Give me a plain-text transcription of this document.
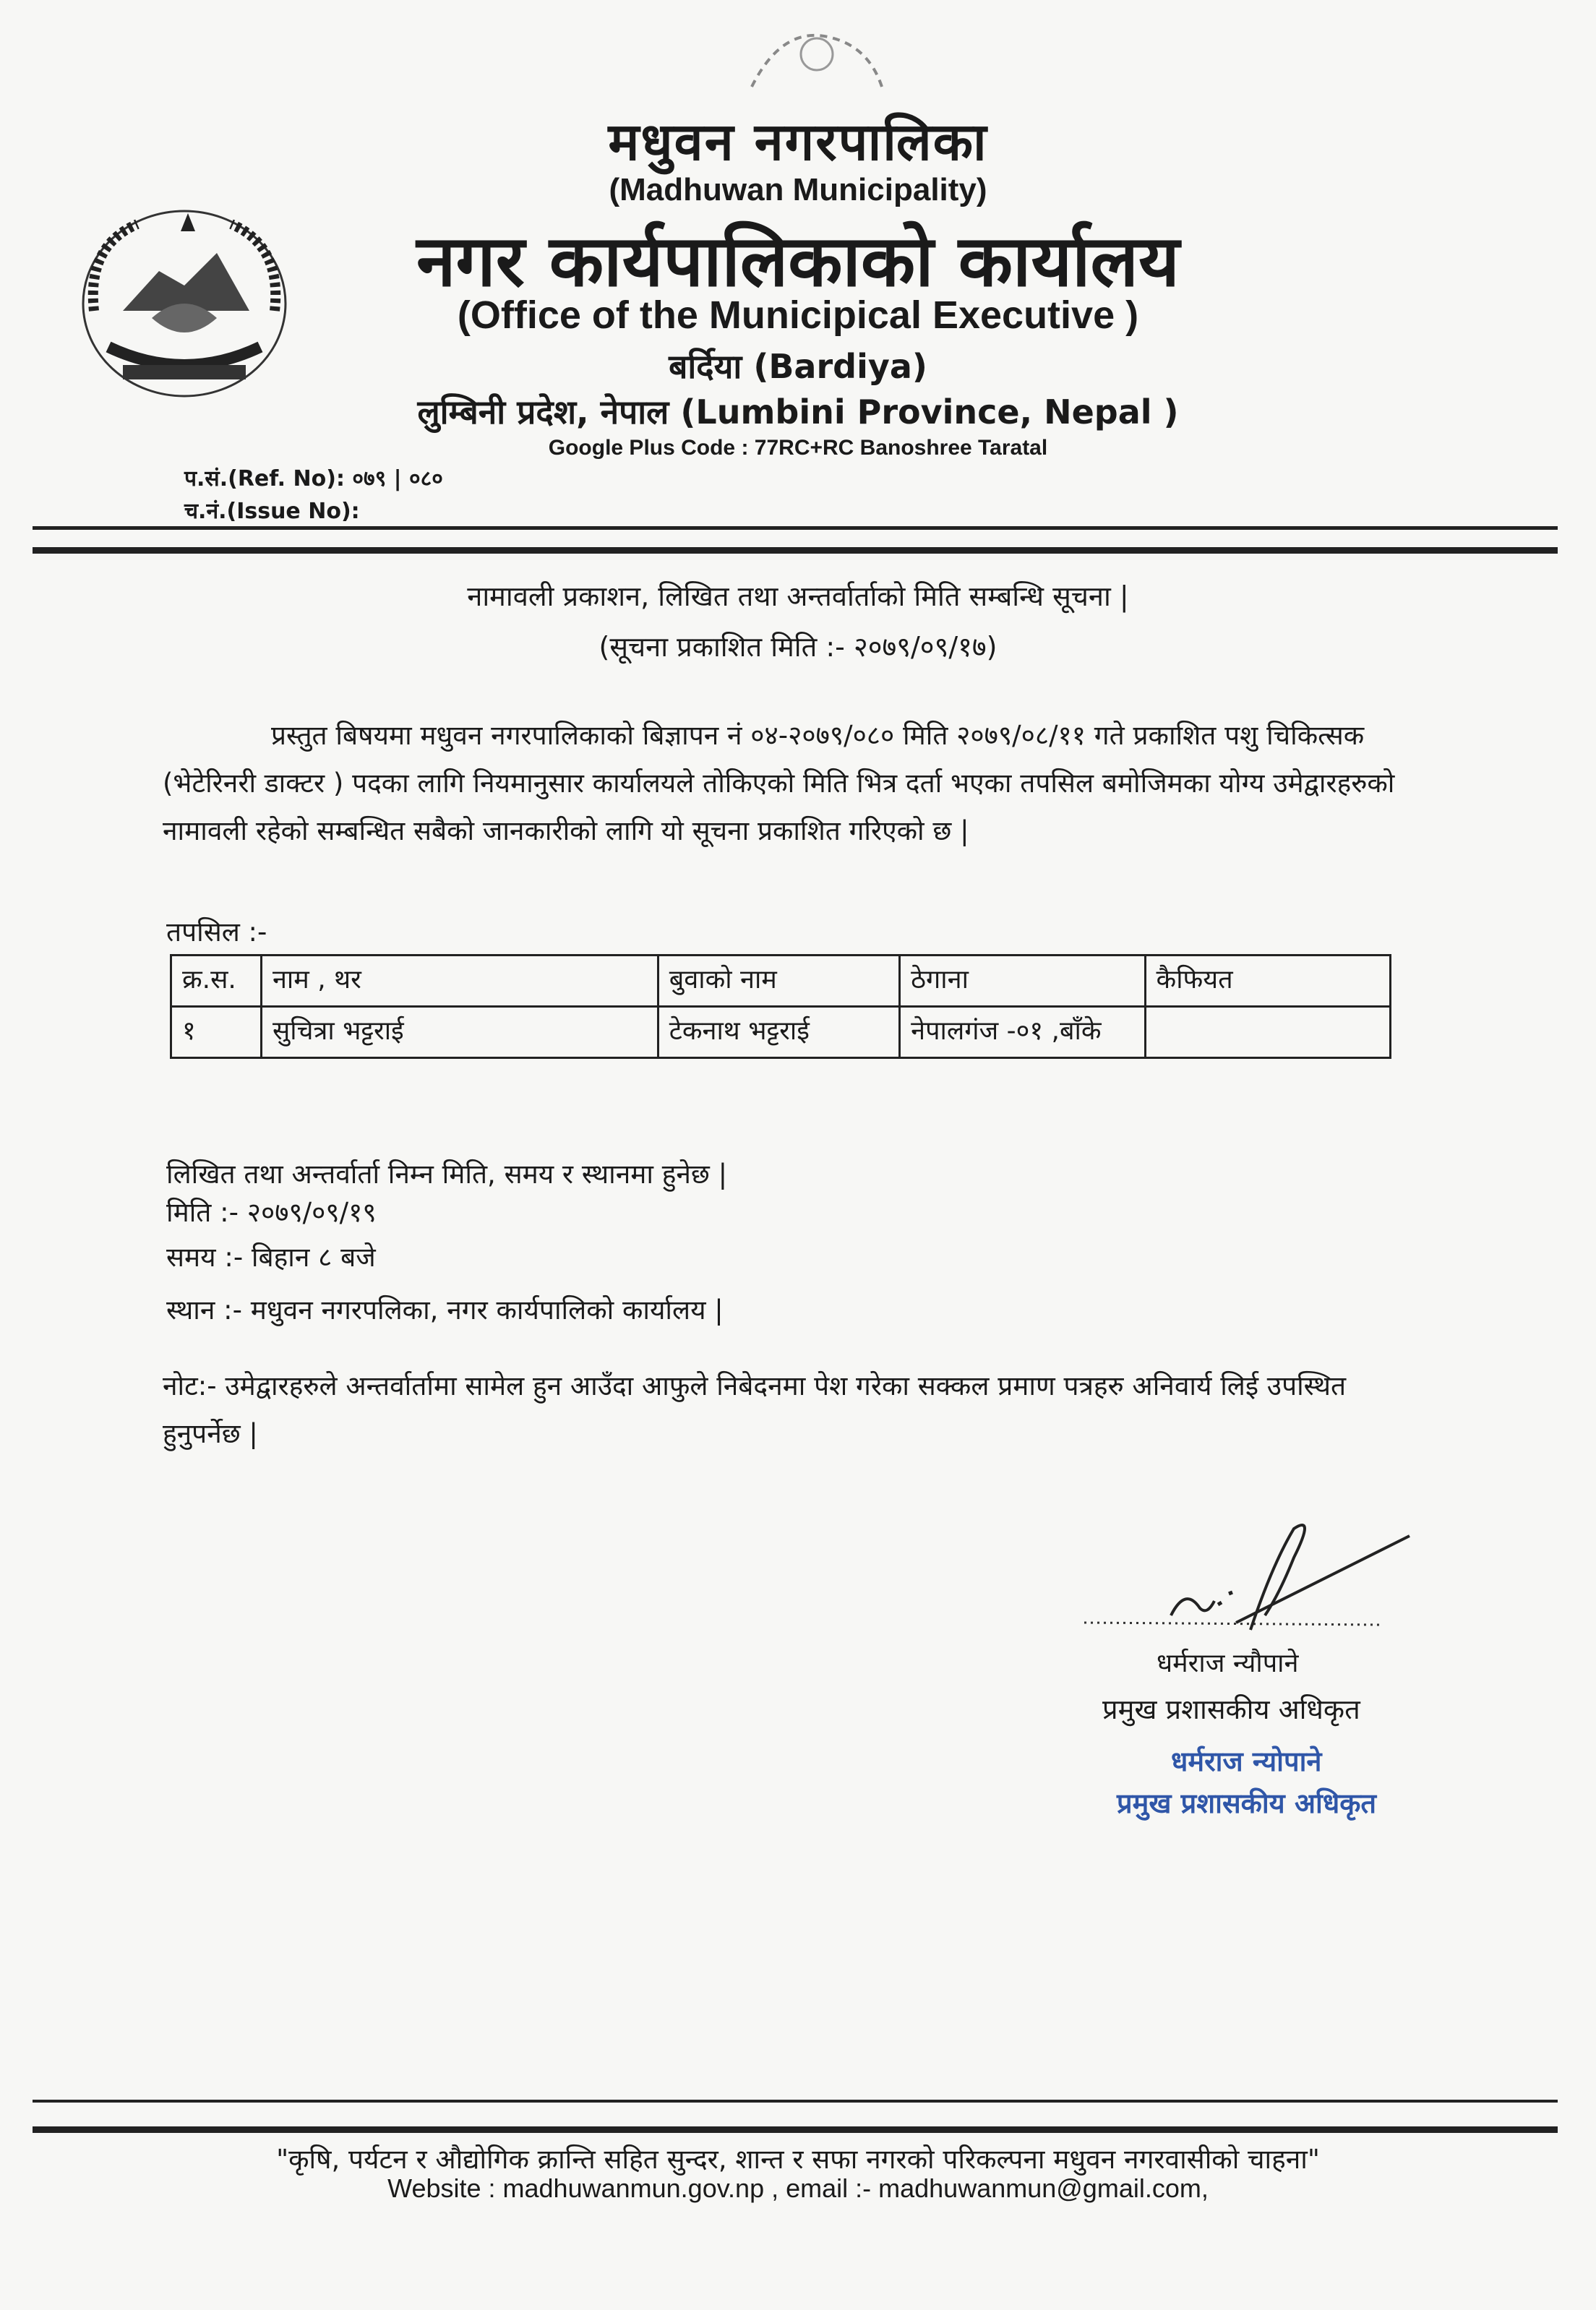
मधुवन नगरपालिका
(Madhuwan Municipality)
नगर कार्यपालिकाको कार्यालय
(Office of the Municipical Executive )
बर्दिया (Bardiya)
लुम्बिनी प्रदेश, नेपाल (Lumbini Province, Nepal )
Google Plus Code : 77RC+RC Banoshree Taratal
प.सं.(Ref. No): ०७९ | ०८०
च.नं.(Issue No):
नामावली प्रकाशन, लिखित तथा अन्तर्वार्ताको मिति सम्बन्धि सूचना |
(सूचना प्रकाशित मिति :- २०७९/०९/१७)
प्रस्तुत बिषयमा मधुवन नगरपालिकाको बिज्ञापन नं ०४-२०७९/०८० मिति २०७९/०८/११ गते प्रकाशित पशु चिकित्सक (भेटेरिनरी डाक्टर ) पदका लागि नियमानुसार कार्यालयले तोकिएको मिति भित्र दर्ता भएका तपसिल बमोजिमका योग्य उमेद्वारहरुको नामावली रहेको सम्बन्धित सबैको जानकारीको लागि यो सूचना प्रकाशित गरिएको छ |
तपसिल :-
क्र.स.	नाम , थर	बुवाको नाम	ठेगाना	कैफियत
१	सुचित्रा भट्टराई	टेकनाथ भट्टराई	नेपालगंज -०१ ,बाँके	
लिखित तथा अन्तर्वार्ता निम्न मिति, समय र स्थानमा हुनेछ |
मिति :- २०७९/०९/१९
समय :- बिहान ८ बजे
स्थान :- मधुवन नगरपलिका, नगर कार्यपालिको कार्यालय |
नोट:- उमेद्वारहरुले अन्तर्वार्तामा सामेल हुन आउँदा आफुले निबेदनमा पेश गरेका सक्कल प्रमाण पत्रहरु अनिवार्य लिई उपस्थित हुनुपर्नेछ |
धर्मराज न्यौपाने
प्रमुख प्रशासकीय अधिकृत
धर्मराज न्योपाने
प्रमुख प्रशासकीय अधिकृत
"कृषि, पर्यटन र औद्योगिक क्रान्ति सहित सुन्दर, शान्त र सफा नगरको परिकल्पना मधुवन नगरवासीको चाहना"
Website : madhuwanmun.gov.np , email :- madhuwanmun@gmail.com,
